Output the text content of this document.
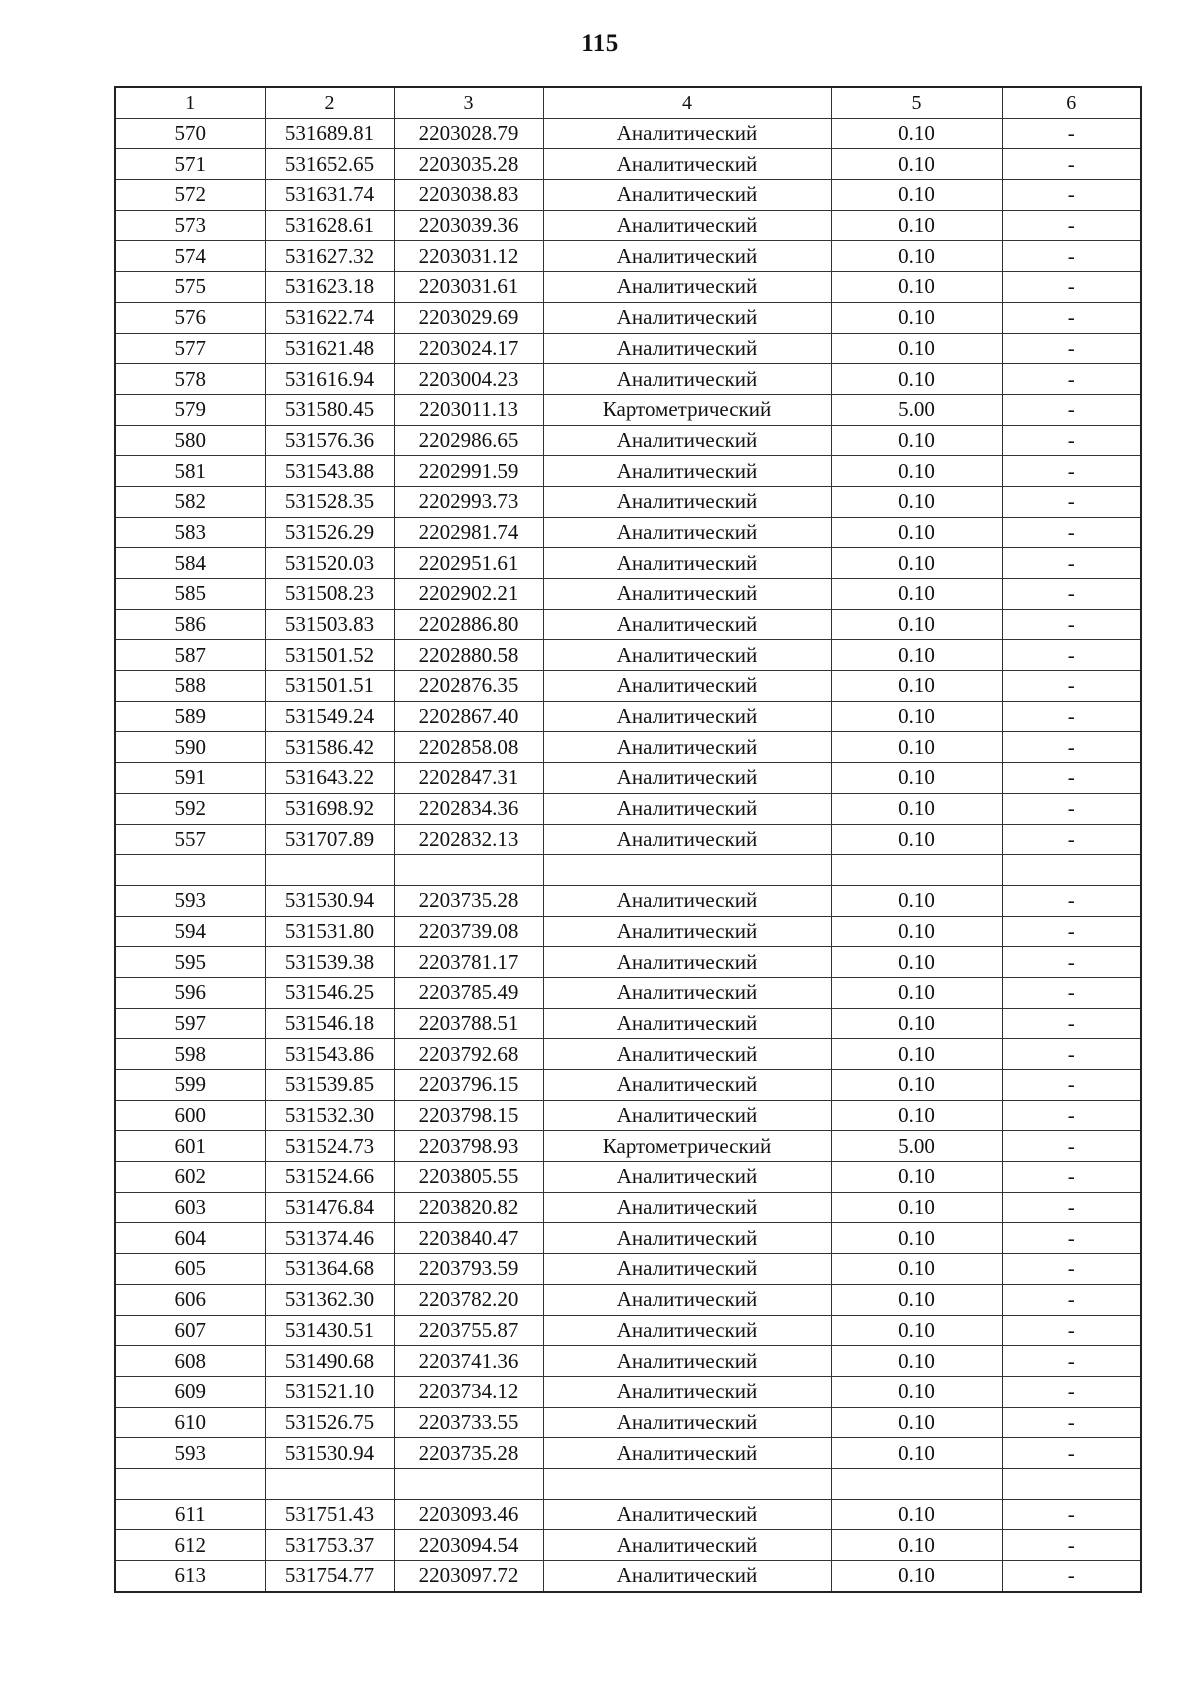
115
1	2	3	4	5	6
570	531689.81	2203028.79	Аналитический	0.10	-
571	531652.65	2203035.28	Аналитический	0.10	-
572	531631.74	2203038.83	Аналитический	0.10	-
573	531628.61	2203039.36	Аналитический	0.10	-
574	531627.32	2203031.12	Аналитический	0.10	-
575	531623.18	2203031.61	Аналитический	0.10	-
576	531622.74	2203029.69	Аналитический	0.10	-
577	531621.48	2203024.17	Аналитический	0.10	-
578	531616.94	2203004.23	Аналитический	0.10	-
579	531580.45	2203011.13	Картометрический	5.00	-
580	531576.36	2202986.65	Аналитический	0.10	-
581	531543.88	2202991.59	Аналитический	0.10	-
582	531528.35	2202993.73	Аналитический	0.10	-
583	531526.29	2202981.74	Аналитический	0.10	-
584	531520.03	2202951.61	Аналитический	0.10	-
585	531508.23	2202902.21	Аналитический	0.10	-
586	531503.83	2202886.80	Аналитический	0.10	-
587	531501.52	2202880.58	Аналитический	0.10	-
588	531501.51	2202876.35	Аналитический	0.10	-
589	531549.24	2202867.40	Аналитический	0.10	-
590	531586.42	2202858.08	Аналитический	0.10	-
591	531643.22	2202847.31	Аналитический	0.10	-
592	531698.92	2202834.36	Аналитический	0.10	-
557	531707.89	2202832.13	Аналитический	0.10	-

593	531530.94	2203735.28	Аналитический	0.10	-
594	531531.80	2203739.08	Аналитический	0.10	-
595	531539.38	2203781.17	Аналитический	0.10	-
596	531546.25	2203785.49	Аналитический	0.10	-
597	531546.18	2203788.51	Аналитический	0.10	-
598	531543.86	2203792.68	Аналитический	0.10	-
599	531539.85	2203796.15	Аналитический	0.10	-
600	531532.30	2203798.15	Аналитический	0.10	-
601	531524.73	2203798.93	Картометрический	5.00	-
602	531524.66	2203805.55	Аналитический	0.10	-
603	531476.84	2203820.82	Аналитический	0.10	-
604	531374.46	2203840.47	Аналитический	0.10	-
605	531364.68	2203793.59	Аналитический	0.10	-
606	531362.30	2203782.20	Аналитический	0.10	-
607	531430.51	2203755.87	Аналитический	0.10	-
608	531490.68	2203741.36	Аналитический	0.10	-
609	531521.10	2203734.12	Аналитический	0.10	-
610	531526.75	2203733.55	Аналитический	0.10	-
593	531530.94	2203735.28	Аналитический	0.10	-

611	531751.43	2203093.46	Аналитический	0.10	-
612	531753.37	2203094.54	Аналитический	0.10	-
613	531754.77	2203097.72	Аналитический	0.10	-
